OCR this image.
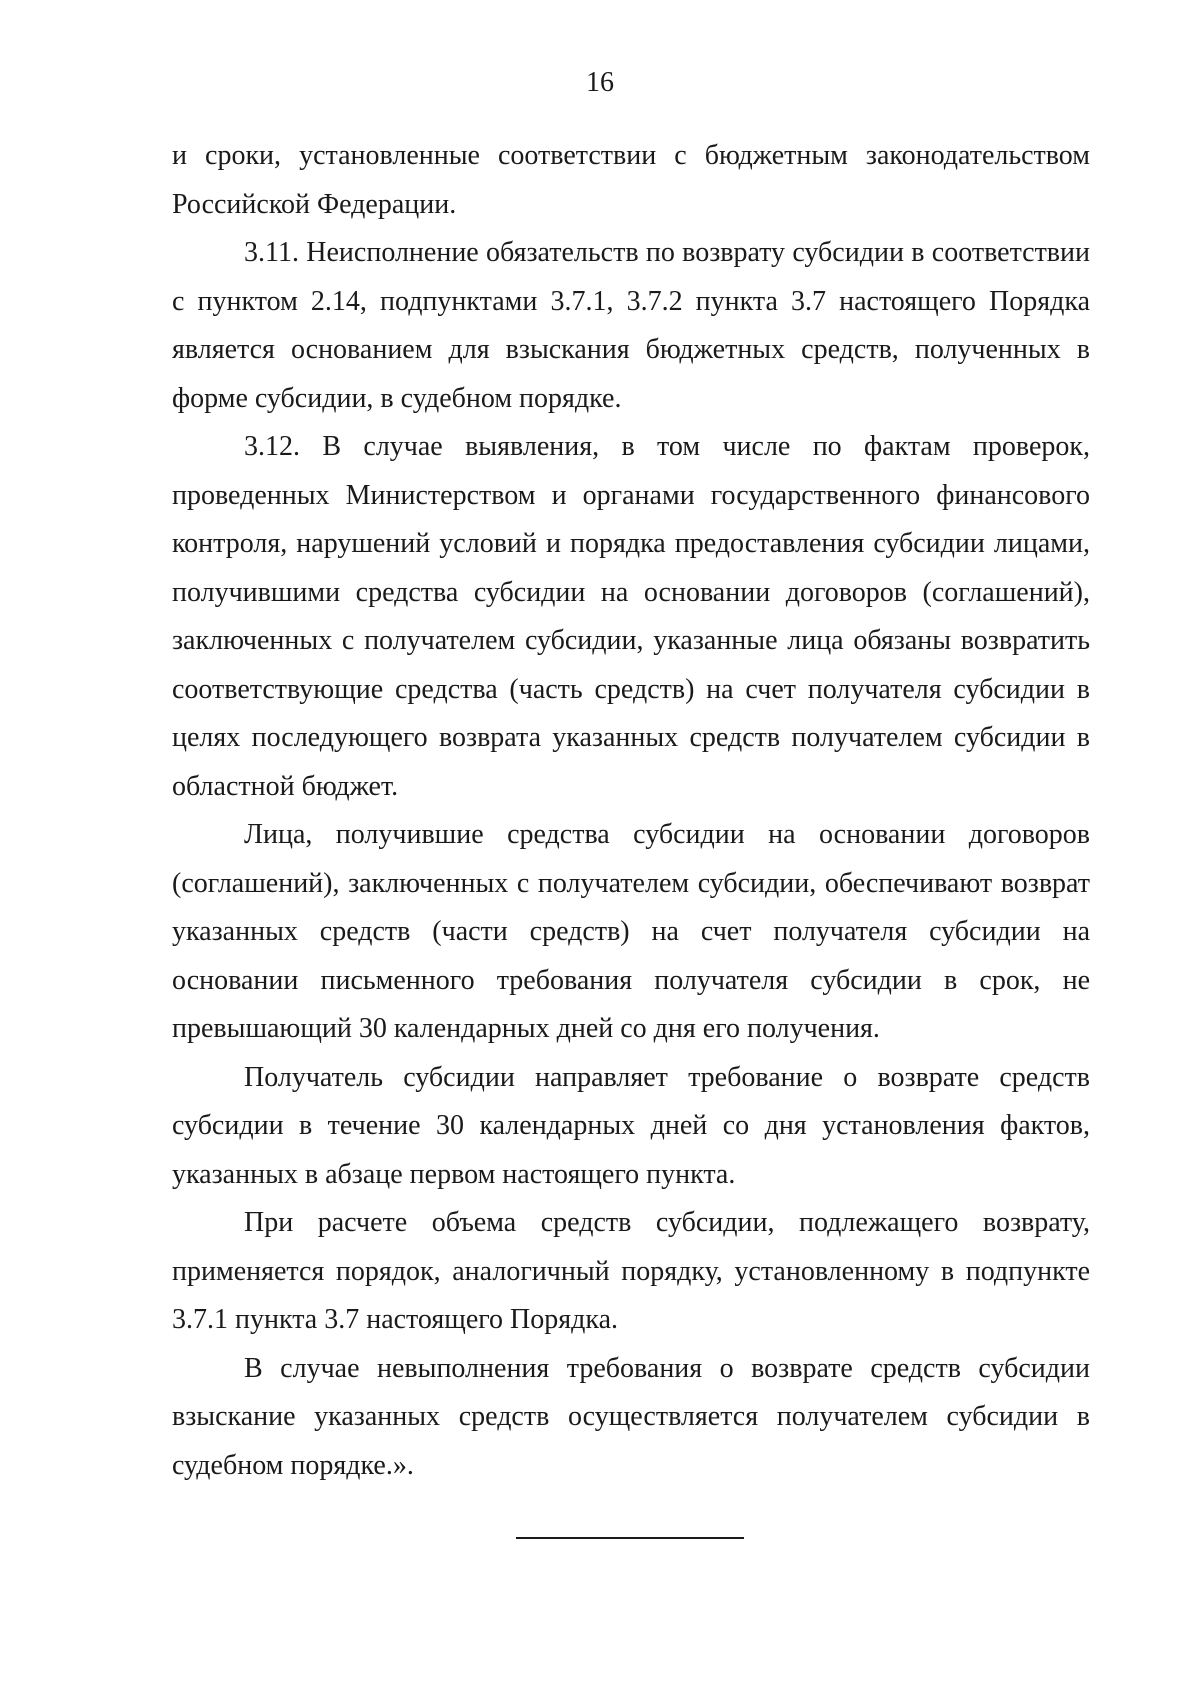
16

и сроки, установленные соответствии с бюджетным законодательством Российской Федерации.

3.11. Неисполнение обязательств по возврату субсидии в соответствии с пунктом 2.14, подпунктами 3.7.1, 3.7.2 пункта 3.7 настоящего Порядка является основанием для взыскания бюджетных средств, полученных в форме субсидии, в судебном порядке.

3.12. В случае выявления, в том числе по фактам проверок, проведенных Министерством и органами государственного финансового контроля, нарушений условий и порядка предоставления субсидии лицами, получившими средства субсидии на основании договоров (соглашений), заключенных с получателем субсидии, указанные лица обязаны возвратить соответствующие средства (часть средств) на счет получателя субсидии в целях последующего возврата указанных средств получателем субсидии в областной бюджет.

Лица, получившие средства субсидии на основании договоров (соглашений), заключенных с получателем субсидии, обеспечивают возврат указанных средств (части средств) на счет получателя субсидии на основании письменного требования получателя субсидии в срок, не превышающий 30 календарных дней со дня его получения.

Получатель субсидии направляет требование о возврате средств субсидии в течение 30 календарных дней со дня установления фактов, указанных в абзаце первом настоящего пункта.

При расчете объема средств субсидии, подлежащего возврату, применяется порядок, аналогичный порядку, установленному в подпункте 3.7.1 пункта 3.7 настоящего Порядка.

В случае невыполнения требования о возврате средств субсидии взыскание указанных средств осуществляется получателем субсидии в судебном порядке.».
